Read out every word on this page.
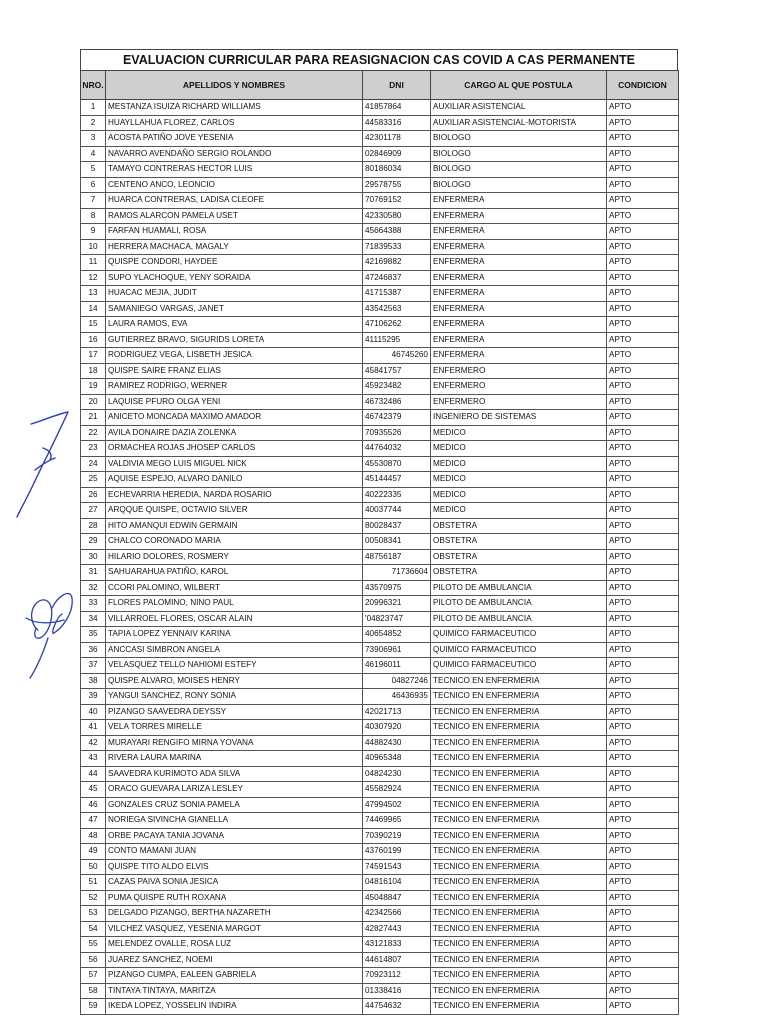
EVALUACION CURRICULAR PARA REASIGNACION CAS COVID A CAS PERMANENTE
NRO.	APELLIDOS Y NOMBRES	DNI	CARGO AL QUE POSTULA	CONDICION
1	MESTANZA ISUIZA RICHARD WILLIAMS	41857864	AUXILIAR ASISTENCIAL	APTO
2	HUAYLLAHUA FLOREZ, CARLOS	44583316	AUXILIAR ASISTENCIAL-MOTORISTA	APTO
3	ACOSTA PATIÑO JOVE YESENIA	42301178	BIOLOGO	APTO
4	NAVARRO AVENDAÑO SERGIO ROLANDO	02846909	BIOLOGO	APTO
5	TAMAYO CONTRERAS HECTOR LUIS	80186034	BIOLOGO	APTO
6	CENTENO ANCO, LEONCIO	29578755	BIOLOGO	APTO
7	HUARCA CONTRERAS, LADISA CLEOFE	70769152	ENFERMERA	APTO
8	RAMOS ALARCON PAMELA USET	42330580	ENFERMERA	APTO
9	FARFAN HUAMALI, ROSA	45664388	ENFERMERA	APTO
10	HERRERA MACHACA, MAGALY	71839533	ENFERMERA	APTO
11	QUISPE CONDORI, HAYDEE	42169882	ENFERMERA	APTO
12	SUPO YLACHOQUE, YENY SORAIDA	47246837	ENFERMERA	APTO
13	HUACAC MEJIA, JUDIT	41715387	ENFERMERA	APTO
14	SAMANIEGO VARGAS, JANET	43542563	ENFERMERA	APTO
15	LAURA RAMOS, EVA	47106262	ENFERMERA	APTO
16	GUTIERREZ BRAVO, SIGURIDS LORETA	41115295	ENFERMERA	APTO
17	RODRIGUEZ VEGA, LISBETH JESICA	46745260	ENFERMERA	APTO
18	QUISPE SAIRE FRANZ ELIAS	45841757	ENFERMERO	APTO
19	RAMIREZ RODRIGO, WERNER	45923482	ENFERMERO	APTO
20	LAQUISE PFURO OLGA YENI	46732486	ENFERMERO	APTO
21	ANICETO MONCADA MAXIMO AMADOR	46742379	INGENIERO DE SISTEMAS	APTO
22	AVILA DONAIRE DAZIA ZOLENKA	70935526	MEDICO	APTO
23	ORMACHEA ROJAS JHOSEP CARLOS	44764032	MEDICO	APTO
24	VALDIVIA MEGO LUIS MIGUEL NICK	45530870	MEDICO	APTO
25	AQUISE ESPEJO, ALVARO DANILO	45144457	MEDICO	APTO
26	ECHEVARRIA HEREDIA, NARDA ROSARIO	40222335	MEDICO	APTO
27	ARQQUE QUISPE, OCTAVIO SILVER	40037744	MEDICO	APTO
28	HITO AMANQUI EDWIN GERMAIN	80028437	OBSTETRA	APTO
29	CHALCO CORONADO MARIA	00508341	OBSTETRA	APTO
30	HILARIO DOLORES, ROSMERY	48756187	OBSTETRA	APTO
31	SAHUARAHUA PATIÑO, KAROL	71736604	OBSTETRA	APTO
32	CCORI PALOMINO, WILBERT	43570975	PILOTO DE AMBULANCIA	APTO
33	FLORES PALOMINO, NINO PAUL	20996321	PILOTO DE AMBULANCIA	APTO
34	VILLARROEL FLORES, OSCAR ALAIN	'04823747	PILOTO DE AMBULANCIA	APTO
35	TAPIA LOPEZ YENNAIV KARINA	40654852	QUIMICO FARMACEUTICO	APTO
36	ANCCASI SIMBRON ANGELA	73906961	QUIMICO FARMACEUTICO	APTO
37	VELASQUEZ TELLO NAHIOMI ESTEFY	46196011	QUIMICO FARMACEUTICO	APTO
38	QUISPE ALVARO, MOISES HENRY	04827246	TECNICO EN ENFERMERIA	APTO
39	YANGUI SANCHEZ, RONY SONIA	46436935	TECNICO EN ENFERMERIA	APTO
40	PIZANGO SAAVEDRA DEYSSY	42021713	TECNICO EN ENFERMERIA	APTO
41	VELA TORRES MIRELLE	40307920	TECNICO EN ENFERMERIA	APTO
42	MURAYARI RENGIFO MIRNA YOVANA	44882430	TECNICO EN ENFERMERIA	APTO
43	RIVERA LAURA MARINA	40965348	TECNICO EN ENFERMERIA	APTO
44	SAAVEDRA KURIMOTO ADA SILVA	04824230	TECNICO EN ENFERMERIA	APTO
45	ORACO GUEVARA LARIZA LESLEY	45582924	TECNICO EN ENFERMERIA	APTO
46	GONZALES CRUZ SONIA PAMELA	47994502	TECNICO EN ENFERMERIA	APTO
47	NORIEGA SIVINCHA GIANELLA	74469965	TECNICO EN ENFERMERIA	APTO
48	ORBE PACAYA TANIA JOVANA	70390219	TECNICO EN ENFERMERIA	APTO
49	CONTO MAMANI JUAN	43760199	TECNICO EN ENFERMERIA	APTO
50	QUISPE TITO ALDO ELVIS	74591543	TECNICO EN ENFERMERIA	APTO
51	CAZAS PAIVA SONIA JESICA	04816104	TECNICO EN ENFERMERIA	APTO
52	PUMA QUISPE RUTH ROXANA	45048847	TECNICO EN ENFERMERIA	APTO
53	DELGADO PIZANGO, BERTHA NAZARETH	42342566	TECNICO EN ENFERMERIA	APTO
54	VILCHEZ VASQUEZ, YESENIA MARGOT	42827443	TECNICO EN ENFERMERIA	APTO
55	MELENDEZ OVALLE, ROSA LUZ	43121833	TECNICO EN ENFERMERIA	APTO
56	JUAREZ SANCHEZ, NOEMI	44614807	TECNICO EN ENFERMERIA	APTO
57	PIZANGO CUMPA, EALEEN GABRIELA	70923112	TECNICO EN ENFERMERIA	APTO
58	TINTAYA TINTAYA, MARITZA	01338416	TECNICO EN ENFERMERIA	APTO
59	IKEDA LOPEZ, YOSSELIN INDIRA	44754632	TECNICO EN ENFERMERIA	APTO
